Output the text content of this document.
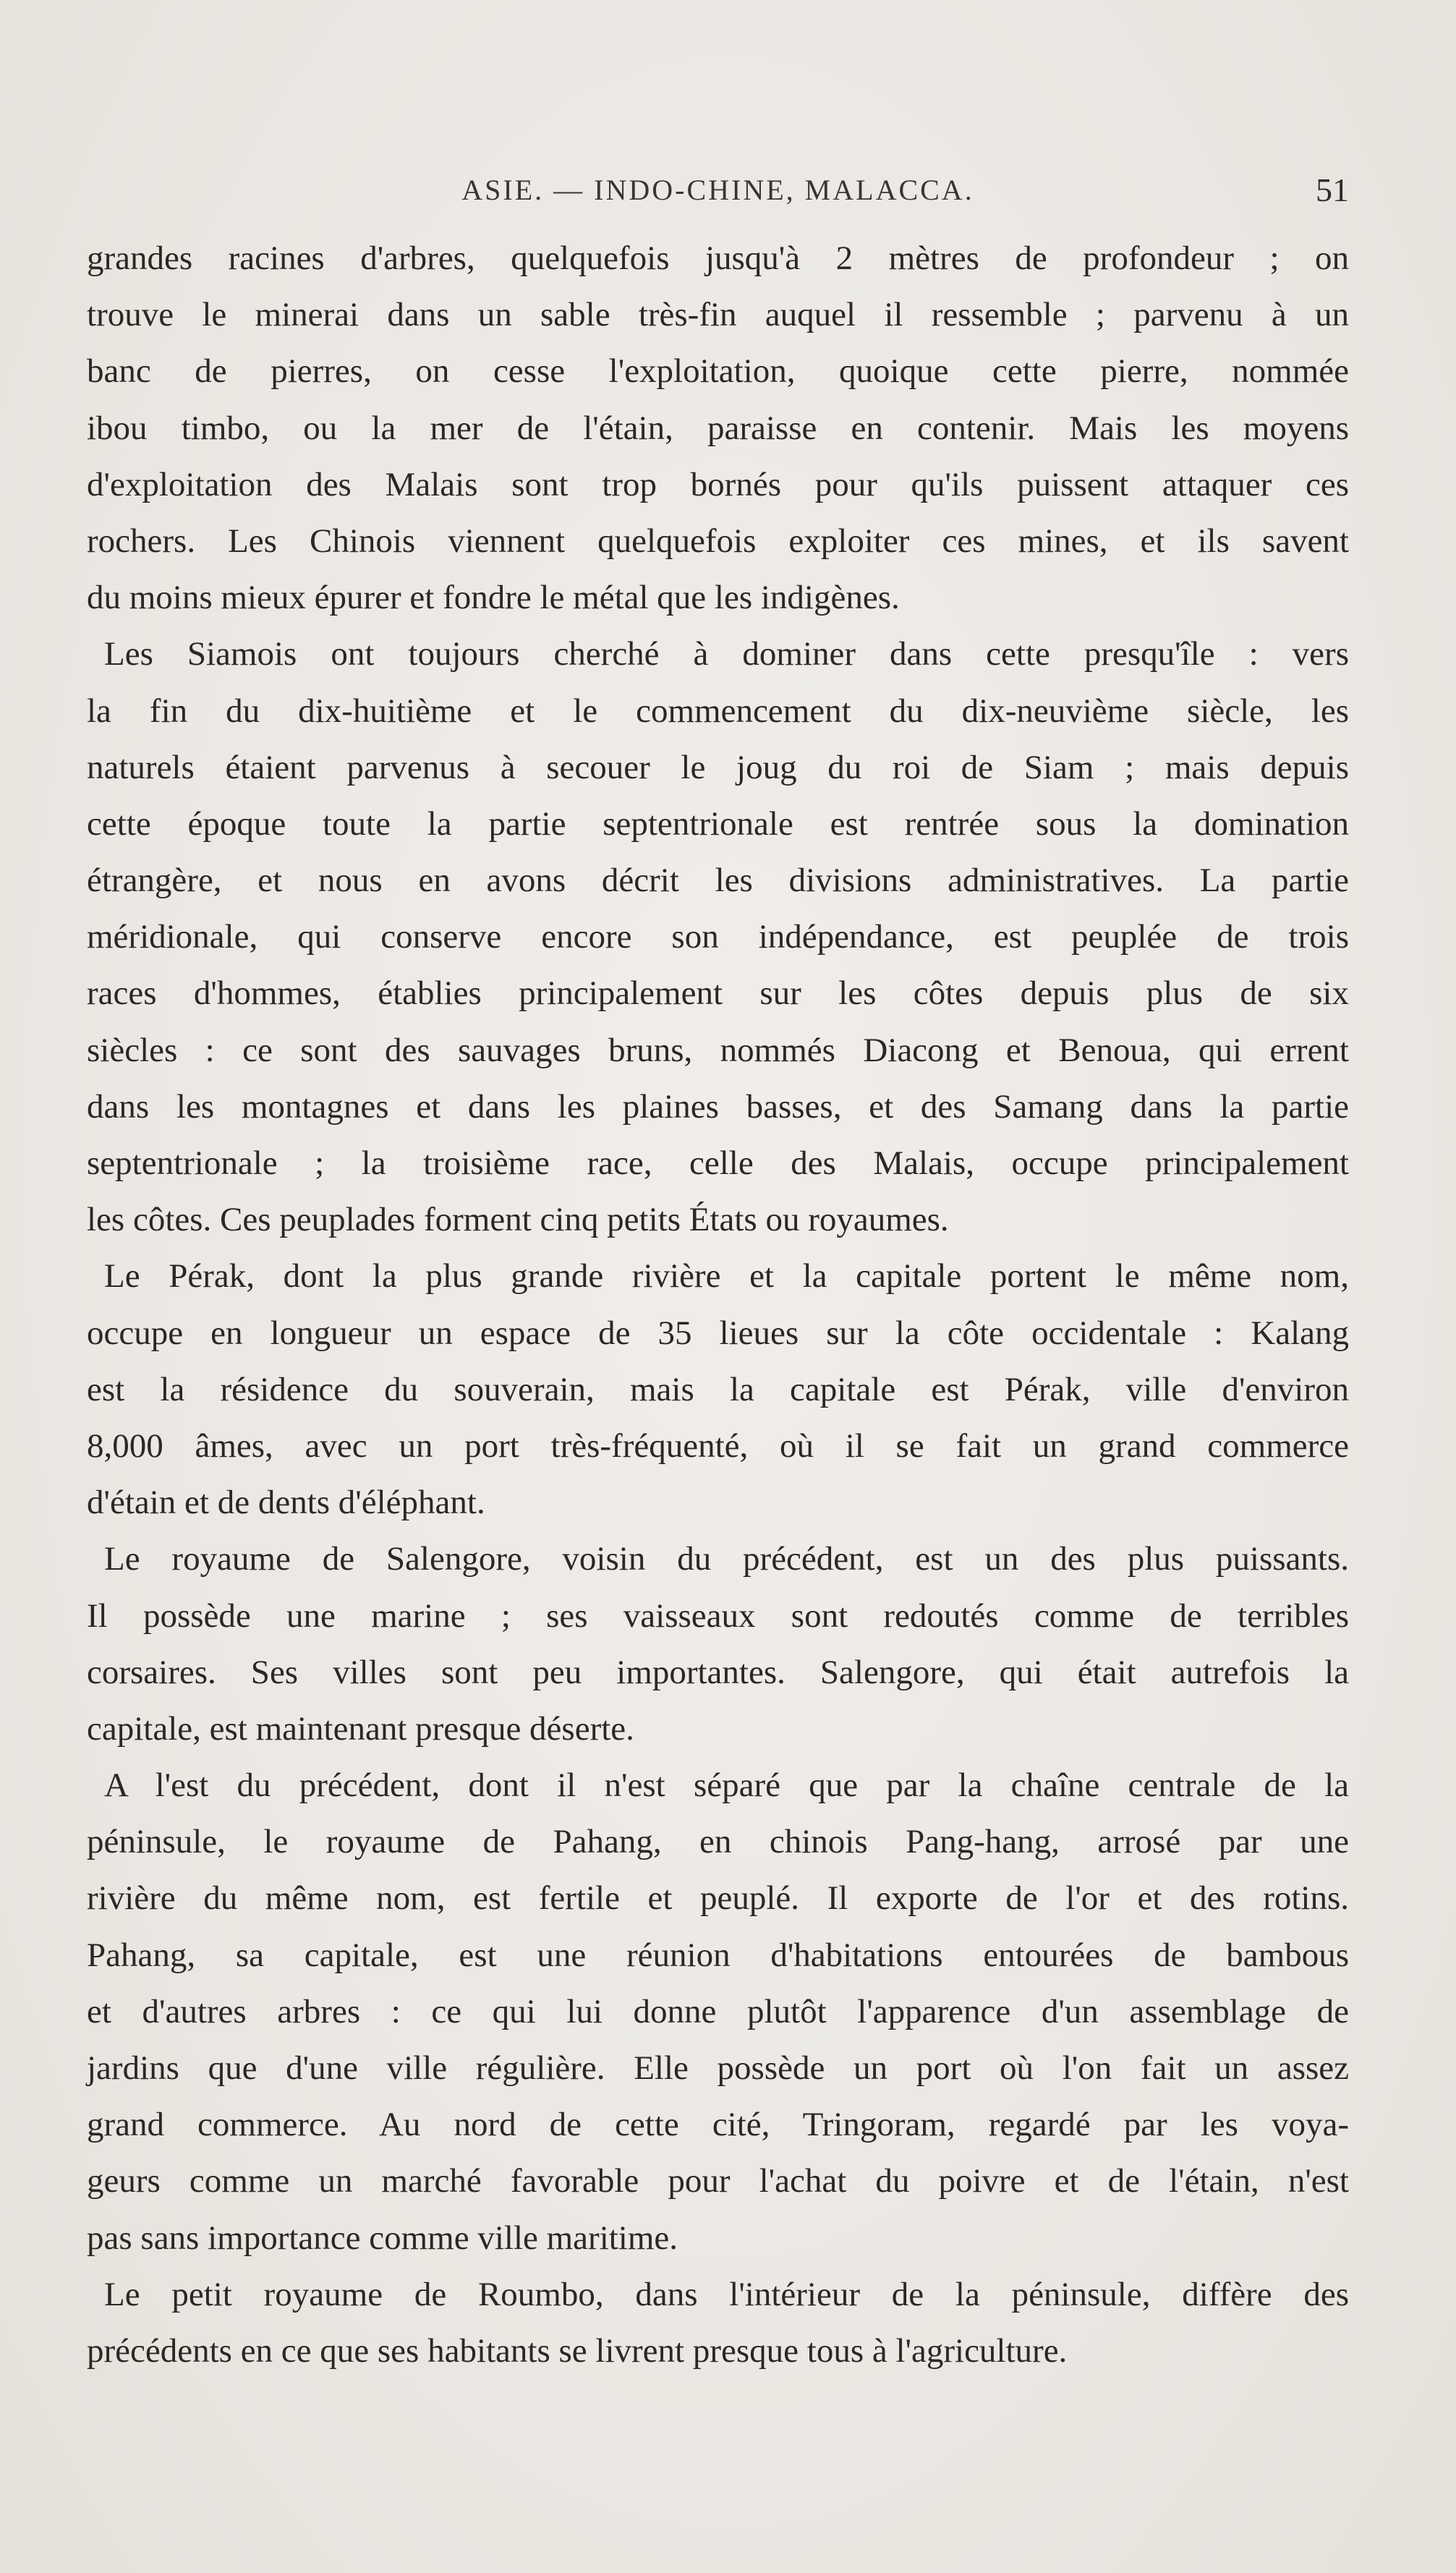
ASIE. — INDO-CHINE, MALACCA.	51
grandes racines d'arbres, quelquefois jusqu'à 2 mètres de profondeur ; on
trouve le minerai dans un sable très-fin auquel il ressemble ; parvenu à un
banc de pierres, on cesse l'exploitation, quoique cette pierre, nommée
ibou timbo, ou la mer de l'étain, paraisse en contenir. Mais les moyens
d'exploitation des Malais sont trop bornés pour qu'ils puissent attaquer ces
rochers. Les Chinois viennent quelquefois exploiter ces mines, et ils savent
du moins mieux épurer et fondre le métal que les indigènes.
Les Siamois ont toujours cherché à dominer dans cette presqu'île : vers
la fin du dix-huitième et le commencement du dix-neuvième siècle, les
naturels étaient parvenus à secouer le joug du roi de Siam ; mais depuis
cette époque toute la partie septentrionale est rentrée sous la domination
étrangère, et nous en avons décrit les divisions administratives. La partie
méridionale, qui conserve encore son indépendance, est peuplée de trois
races d'hommes, établies principalement sur les côtes depuis plus de six
siècles : ce sont des sauvages bruns, nommés Diacong et Benoua, qui errent
dans les montagnes et dans les plaines basses, et des Samang dans la partie
septentrionale ; la troisième race, celle des Malais, occupe principalement
les côtes. Ces peuplades forment cinq petits États ou royaumes.
Le Pérak, dont la plus grande rivière et la capitale portent le même nom,
occupe en longueur un espace de 35 lieues sur la côte occidentale : Kalang
est la résidence du souverain, mais la capitale est Pérak, ville d'environ
8,000 âmes, avec un port très-fréquenté, où il se fait un grand commerce
d'étain et de dents d'éléphant.
Le royaume de Salengore, voisin du précédent, est un des plus puissants.
Il possède une marine ; ses vaisseaux sont redoutés comme de terribles
corsaires. Ses villes sont peu importantes. Salengore, qui était autrefois la
capitale, est maintenant presque déserte.
A l'est du précédent, dont il n'est séparé que par la chaîne centrale de la
péninsule, le royaume de Pahang, en chinois Pang-hang, arrosé par une
rivière du même nom, est fertile et peuplé. Il exporte de l'or et des rotins.
Pahang, sa capitale, est une réunion d'habitations entourées de bambous
et d'autres arbres : ce qui lui donne plutôt l'apparence d'un assemblage de
jardins que d'une ville régulière. Elle possède un port où l'on fait un assez
grand commerce. Au nord de cette cité, Tringoram, regardé par les voya-
geurs comme un marché favorable pour l'achat du poivre et de l'étain, n'est
pas sans importance comme ville maritime.
Le petit royaume de Roumbo, dans l'intérieur de la péninsule, diffère des
précédents en ce que ses habitants se livrent presque tous à l'agriculture.
